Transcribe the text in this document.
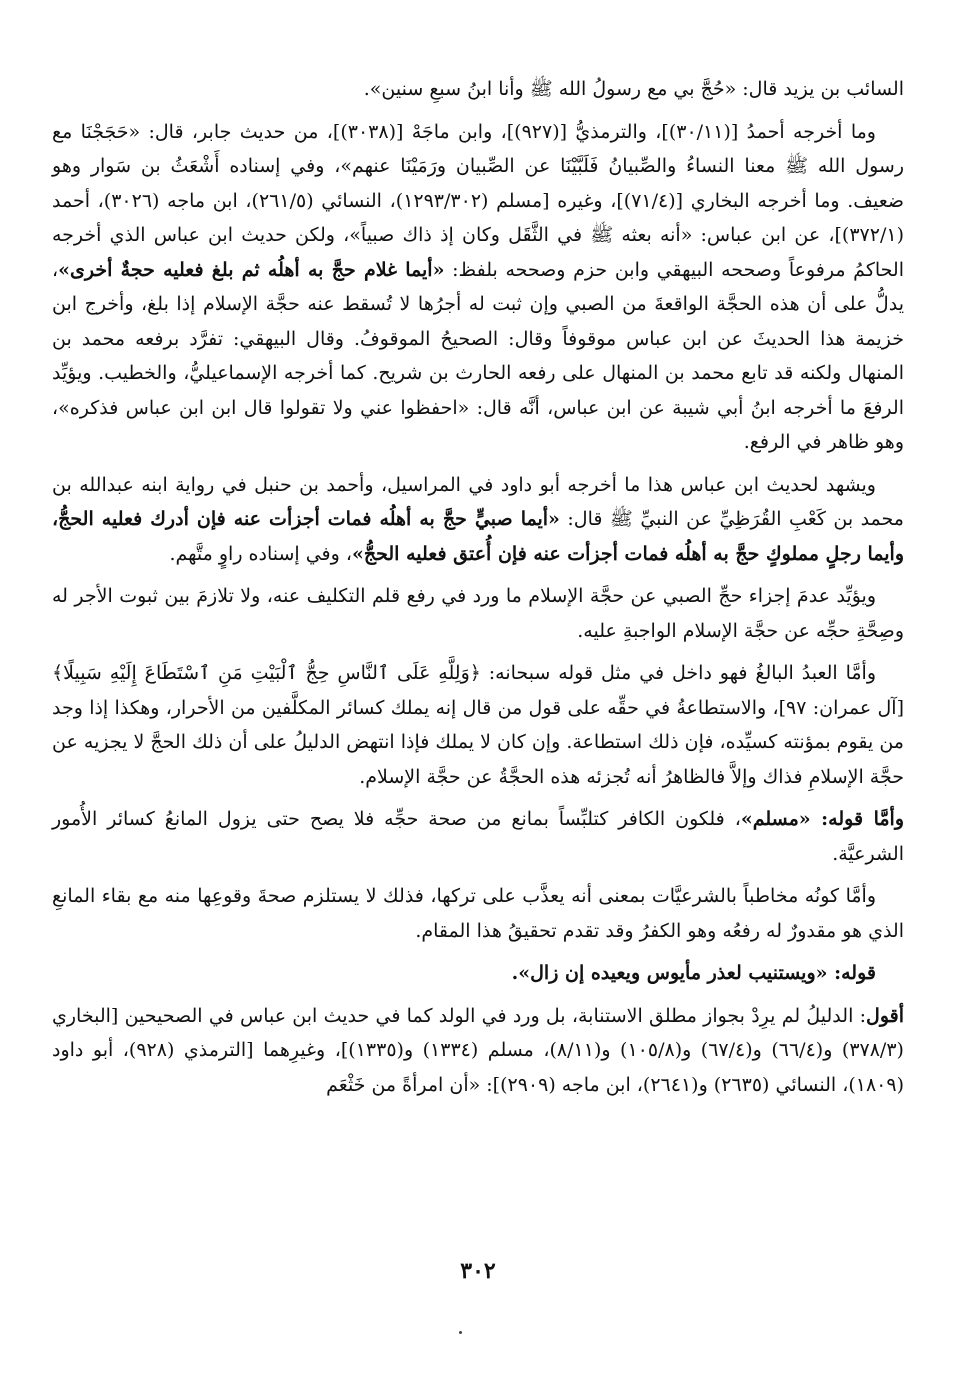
السائب بن يزيد قال: «حُجَّ بي مع رسولُ الله ﷺ وأنا ابنُ سبعِ سنين».

وما أخرجه أحمدُ [(٣٠/١١)]، والترمذيُّ [(٩٢٧)]، وابن ماجَهْ [(٣٠٣٨)]، من حديث جابر، قال: «حَجَجْنَا مع رسول الله ﷺ معنا النساءُ والصِّبيانُ فَلَبَّيْنَا عن الصِّبيان ورَمَيْنَا عنهم»، وفي إسناده أَشْعَثُ بن سَوار وهو ضعيف. وما أخرجه البخاري [(٧١/٤)]، وغيره [مسلم (١٢٩٣/٣٠٢)، النسائي (٢٦١/٥)، ابن ماجه (٣٠٢٦)، أحمد (٣٧٢/١)]، عن ابن عباس: «أنه بعثه ﷺ في الثَّقَل وكان إذ ذاك صبياً»، ولكن حديث ابن عباس الذي أخرجه الحاكمُ مرفوعاً وصححه البيهقي وابن حزم وصححه بلفظ: «أيما غلام حجَّ به أهلُه ثم بلغ فعليه حجةٌ أخرى»، يدلُّ على أن هذه الحجَّة الواقعةَ من الصبي وإن ثبت له أجرُها لا تُسقط عنه حجَّة الإسلام إذا بلغ، وأخرج ابن خزيمة هذا الحديثَ عن ابن عباس موقوفاً وقال: الصحيحُ الموقوفُ. وقال البيهقي: تفرَّد برفعه محمد بن المنهال ولكنه قد تابع محمد بن المنهال على رفعه الحارث بن شريح. كما أخرجه الإسماعيليُّ، والخطيب. ويؤيِّد الرفعَ ما أخرجه ابنُ أبي شيبة عن ابن عباس، أنَّه قال: «احفظوا عني ولا تقولوا قال ابن ابن عباس فذكره»، وهو ظاهر في الرفع.

ويشهد لحديث ابن عباس هذا ما أخرجه أبو داود في المراسيل، وأحمد بن حنبل في رواية ابنه عبدالله بن محمد بن كَعْبِ القُرَظِيِّ عن النبيِّ ﷺ قال: «أيما صبيٍّ حجَّ به أهلُه فمات أجزأت عنه فإن أدرك فعليه الحجُّ، وأيما رجلٍ مملوكٍ حجَّ به أهلُه فمات أجزأت عنه فإن أُعتق فعليه الحجُّ»، وفي إسناده راوٍ متَّهم.

ويؤيِّد عدمَ إجزاء حجِّ الصبي عن حجَّة الإسلام ما ورد في رفع قلم التكليف عنه، ولا تلازمَ بين ثبوت الأجر له وصِحَّةِ حجِّه عن حجَّة الإسلام الواجبةِ عليه.

وأمَّا العبدُ البالغُ فهو داخل في مثل قوله سبحانه: ﴿وَلِلَّهِ عَلَى ٱلنَّاسِ حِجُّ ٱلْبَيْتِ مَنِ ٱسْتَطَاعَ إِلَيْهِ سَبِيلًا﴾ [آل عمران: ٩٧]، والاستطاعةُ في حقِّه على قول من قال إنه يملك كسائر المكلَّفين من الأحرار، وهكذا إذا وجد من يقوم بمؤنته كسيِّده، فإن ذلك استطاعة. وإن كان لا يملك فإذا انتهض الدليلُ على أن ذلك الحجَّ لا يجزيه عن حجَّة الإسلامِ فذاك وإلاَّ فالظاهرُ أنه تُجزئه هذه الحجَّةُ عن حجَّة الإسلام.

وأمَّا قوله: «مسلم»، فلكون الكافر كتلبِّساً بمانع من صحة حجِّه فلا يصح حتى يزول المانعُ كسائر الأُمور الشرعيَّة.

وأمَّا كونُه مخاطباً بالشرعيَّات بمعنى أنه يعذَّب على تركها، فذلك لا يستلزم صحةَ وقوعِها منه مع بقاء المانعِ الذي هو مقدورٌ له رفعُه وهو الكفرُ وقد تقدم تحقيقُ هذا المقام.

قوله: «ويستنيب لعذر مأيوس ويعيده إن زال».

أقول: الدليلُ لم يرِدْ بجواز مطلق الاستنابة، بل ورد في الولد كما في حديث ابن عباس في الصحيحين [البخاري (٣٧٨/٣) و(٦٦/٤) و(٦٧/٤) و(١٠٥/٨) و(٨/١١)، مسلم (١٣٣٤) و(١٣٣٥)]، وغيرِهما [الترمذي (٩٢٨)، أبو داود (١٨٠٩)، النسائي (٢٦٣٥) و(٢٦٤١)، ابن ماجه (٢٩٠٩)]: «أن امرأةً من خَثْعَم

٣٠٢
